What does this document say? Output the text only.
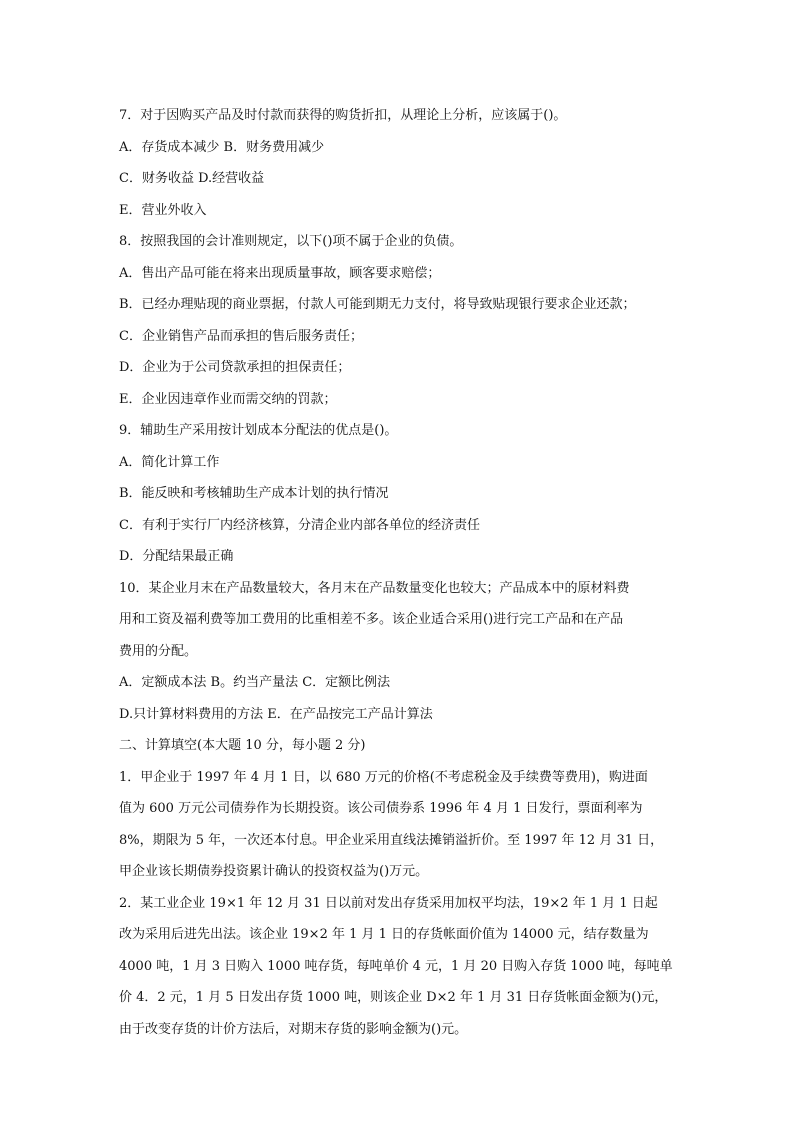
7．对于因购买产品及时付款而获得的购货折扣，从理论上分析，应该属于()。
A．存货成本减少 B．财务费用减少
C．财务收益 D.经营收益
E．营业外收入
8．按照我国的会计准则规定，以下()项不属于企业的负债。
A．售出产品可能在将来出现质量事故，顾客要求赔偿；
B．已经办理贴现的商业票据，付款人可能到期无力支付，将导致贴现银行要求企业还款；
C．企业销售产品而承担的售后服务责任；
D．企业为于公司贷款承担的担保责任；
E．企业因违章作业而需交纳的罚款；
9．辅助生产采用按计划成本分配法的优点是()。
A．简化计算工作
B．能反映和考核辅助生产成本计划的执行情况
C．有利于实行厂内经济核算，分清企业内部各单位的经济责任
D．分配结果最正确
10．某企业月末在产品数量较大，各月末在产品数量变化也较大；产品成本中的原材料费
用和工资及福利费等加工费用的比重相差不多。该企业适合采用()进行完工产品和在产品
费用的分配。
A．定额成本法 B。约当产量法 C．定额比例法
D.只计算材料费用的方法 E．在产品按完工产品计算法
二、计算填空(本大题 10 分，每小题 2 分)
1．甲企业于 1997 年 4 月 1 日，以 680 万元的价格(不考虑税金及手续费等费用)，购进面
值为 600 万元公司债券作为长期投资。该公司债券系 1996 年 4 月 1 日发行，票面利率为
8%，期限为 5 年，一次还本付息。甲企业采用直线法摊销溢折价。至 1997 年 12 月 31 日，
甲企业该长期债券投资累计确认的投资权益为()万元。
2．某工业企业 19×1 年 12 月 31 日以前对发出存货采用加权平均法，19×2 年 1 月 1 日起
改为采用后进先出法。该企业 19×2 年 1 月 1 日的存货帐面价值为 14000 元，结存数量为
4000 吨，1 月 3 日购入 1000 吨存货，每吨单价 4 元，1 月 20 日购入存货 1000 吨，每吨单
价 4．2 元，1 月 5 日发出存货 1000 吨，则该企业 D×2 年 1 月 31 日存货帐面金额为()元，
由于改变存货的计价方法后，对期末存货的影响金额为()元。
